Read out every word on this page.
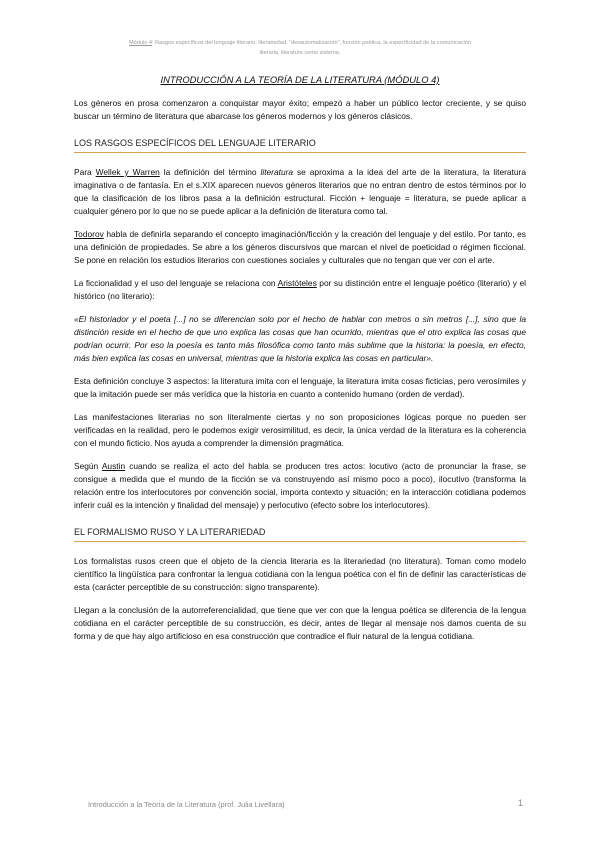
Módulo 4: Rasgos específicos del lenguaje literario, literariedad, “desautomatización”, función poética, la especificidad de la comunicación literaria, literatura como sistema.
INTRODUCCIÓN A LA TEORÍA DE LA LITERATURA (MÓDULO 4)

Los géneros en prosa comenzaron a conquistar mayor éxito; empezó a haber un público lector creciente, y se quiso buscar un término de literatura que abarcase los géneros modernos y los géneros clásicos.

LOS RASGOS ESPECÍFICOS DEL LENGUAJE LITERARIO

Para Wellek y Warren la definición del término literatura se aproxima a la idea del arte de la literatura, la literatura imaginativa o de fantasía. En el s.XIX aparecen nuevos géneros literarios que no entran dentro de estos términos por lo que la clasificación de los libros pasa a la definición estructural. Ficción + lenguaje = literatura, se puede aplicar a cualquier género por lo que no se puede aplicar a la definición de literatura como tal.

Todorov habla de definirla separando el concepto imaginación/ficción y la creación del lenguaje y del estilo. Por tanto, es una definición de propiedades. Se abre a los géneros discursivos que marcan el nivel de poeticidad o régimen ficcional. Se pone en relación los estudios literarios con cuestiones sociales y culturales que no tengan que ver con el arte.

La ficcionalidad y el uso del lenguaje se relaciona con Aristóteles por su distinción entre el lenguaje poético (literario) y el histórico (no literario):

«El historiador y el poeta [...] no se diferencian solo por el hecho de hablar con metros o sin metros [...], sino que la distinción reside en el hecho de que uno explica las cosas que han ocurrido, mientras que el otro explica las cosas que podrían ocurrir. Por eso la poesía es tanto más filosófica como tanto más sublime que la historia: la poesía, en efecto, más bien explica las cosas en universal, mientras que la historia explica las cosas en particular».

Esta definición concluye 3 aspectos: la literatura imita con el lenguaje, la literatura imita cosas ficticias, pero verosímiles y que la imitación puede ser más verídica que la historia en cuanto a contenido humano (orden de verdad).

Las manifestaciones literarias no son literalmente ciertas y no son proposiciones lógicas porque no pueden ser verificadas en la realidad, pero le podemos exigir verosimilitud, es decir, la única verdad de la literatura es la coherencia con el mundo ficticio. Nos ayuda a comprender la dimensión pragmática.

Según Austin cuando se realiza el acto del habla se producen tres actos: locutivo (acto de pronunciar la frase, se consigue a medida que el mundo de la ficción se va construyendo así mismo poco a poco), ilocutivo (transforma la relación entre los interlocutores por convención social, importa contexto y situación; en la interacción cotidiana podemos inferir cuál es la intención y finalidad del mensaje) y perlocutivo (efecto sobre los interlocutores).

EL FORMALISMO RUSO Y LA LITERARIEDAD

Los formalistas rusos creen que el objeto de la ciencia literaria es la literariedad (no literatura). Toman como modelo científico la lingüística para confrontar la lengua cotidiana con la lengua poética con el fin de definir las características de esta (carácter perceptible de su construcción: signo transparente).

Llegan a la conclusión de la autorreferencialidad, que tiene que ver con que la lengua poética se diferencia de la lengua cotidiana en el carácter perceptible de su construcción, es decir, antes de llegar al mensaje nos damos cuenta de su forma y de que hay algo artificioso en esa construcción que contradice el fluir natural de la lengua cotidiana.

Introducción a la Teoría de la Literatura (prof. Julia Livellara)	1
